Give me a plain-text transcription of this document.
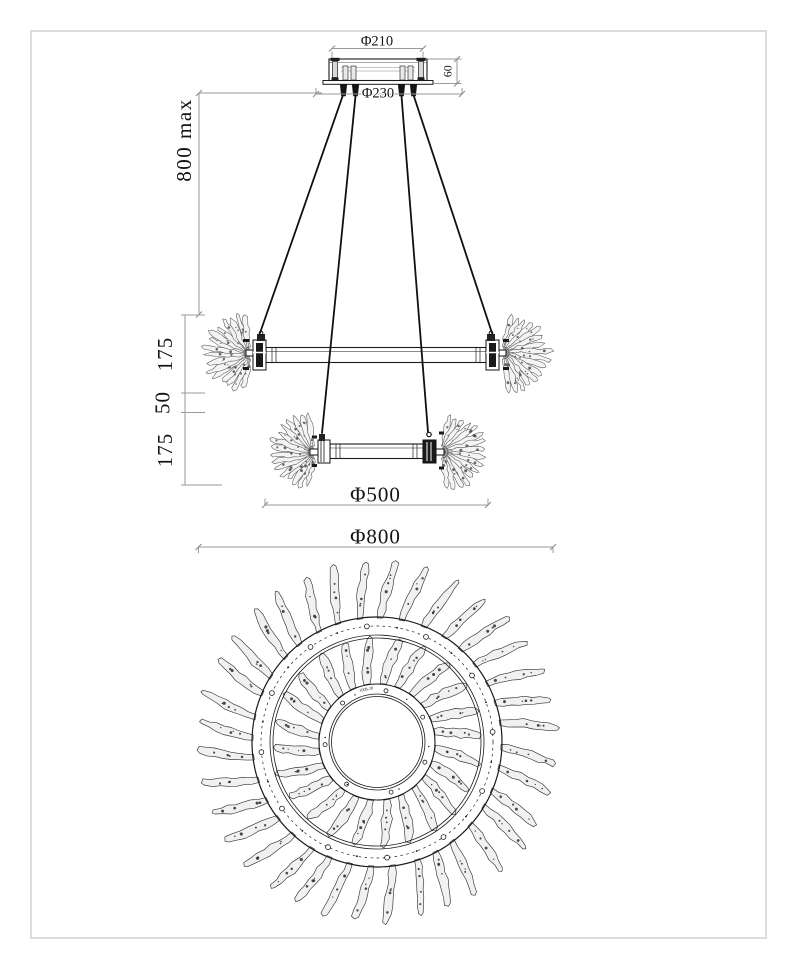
Φ210
Φ230
60
800 max
175
50
175
Φ500
Φ800
1008-20
